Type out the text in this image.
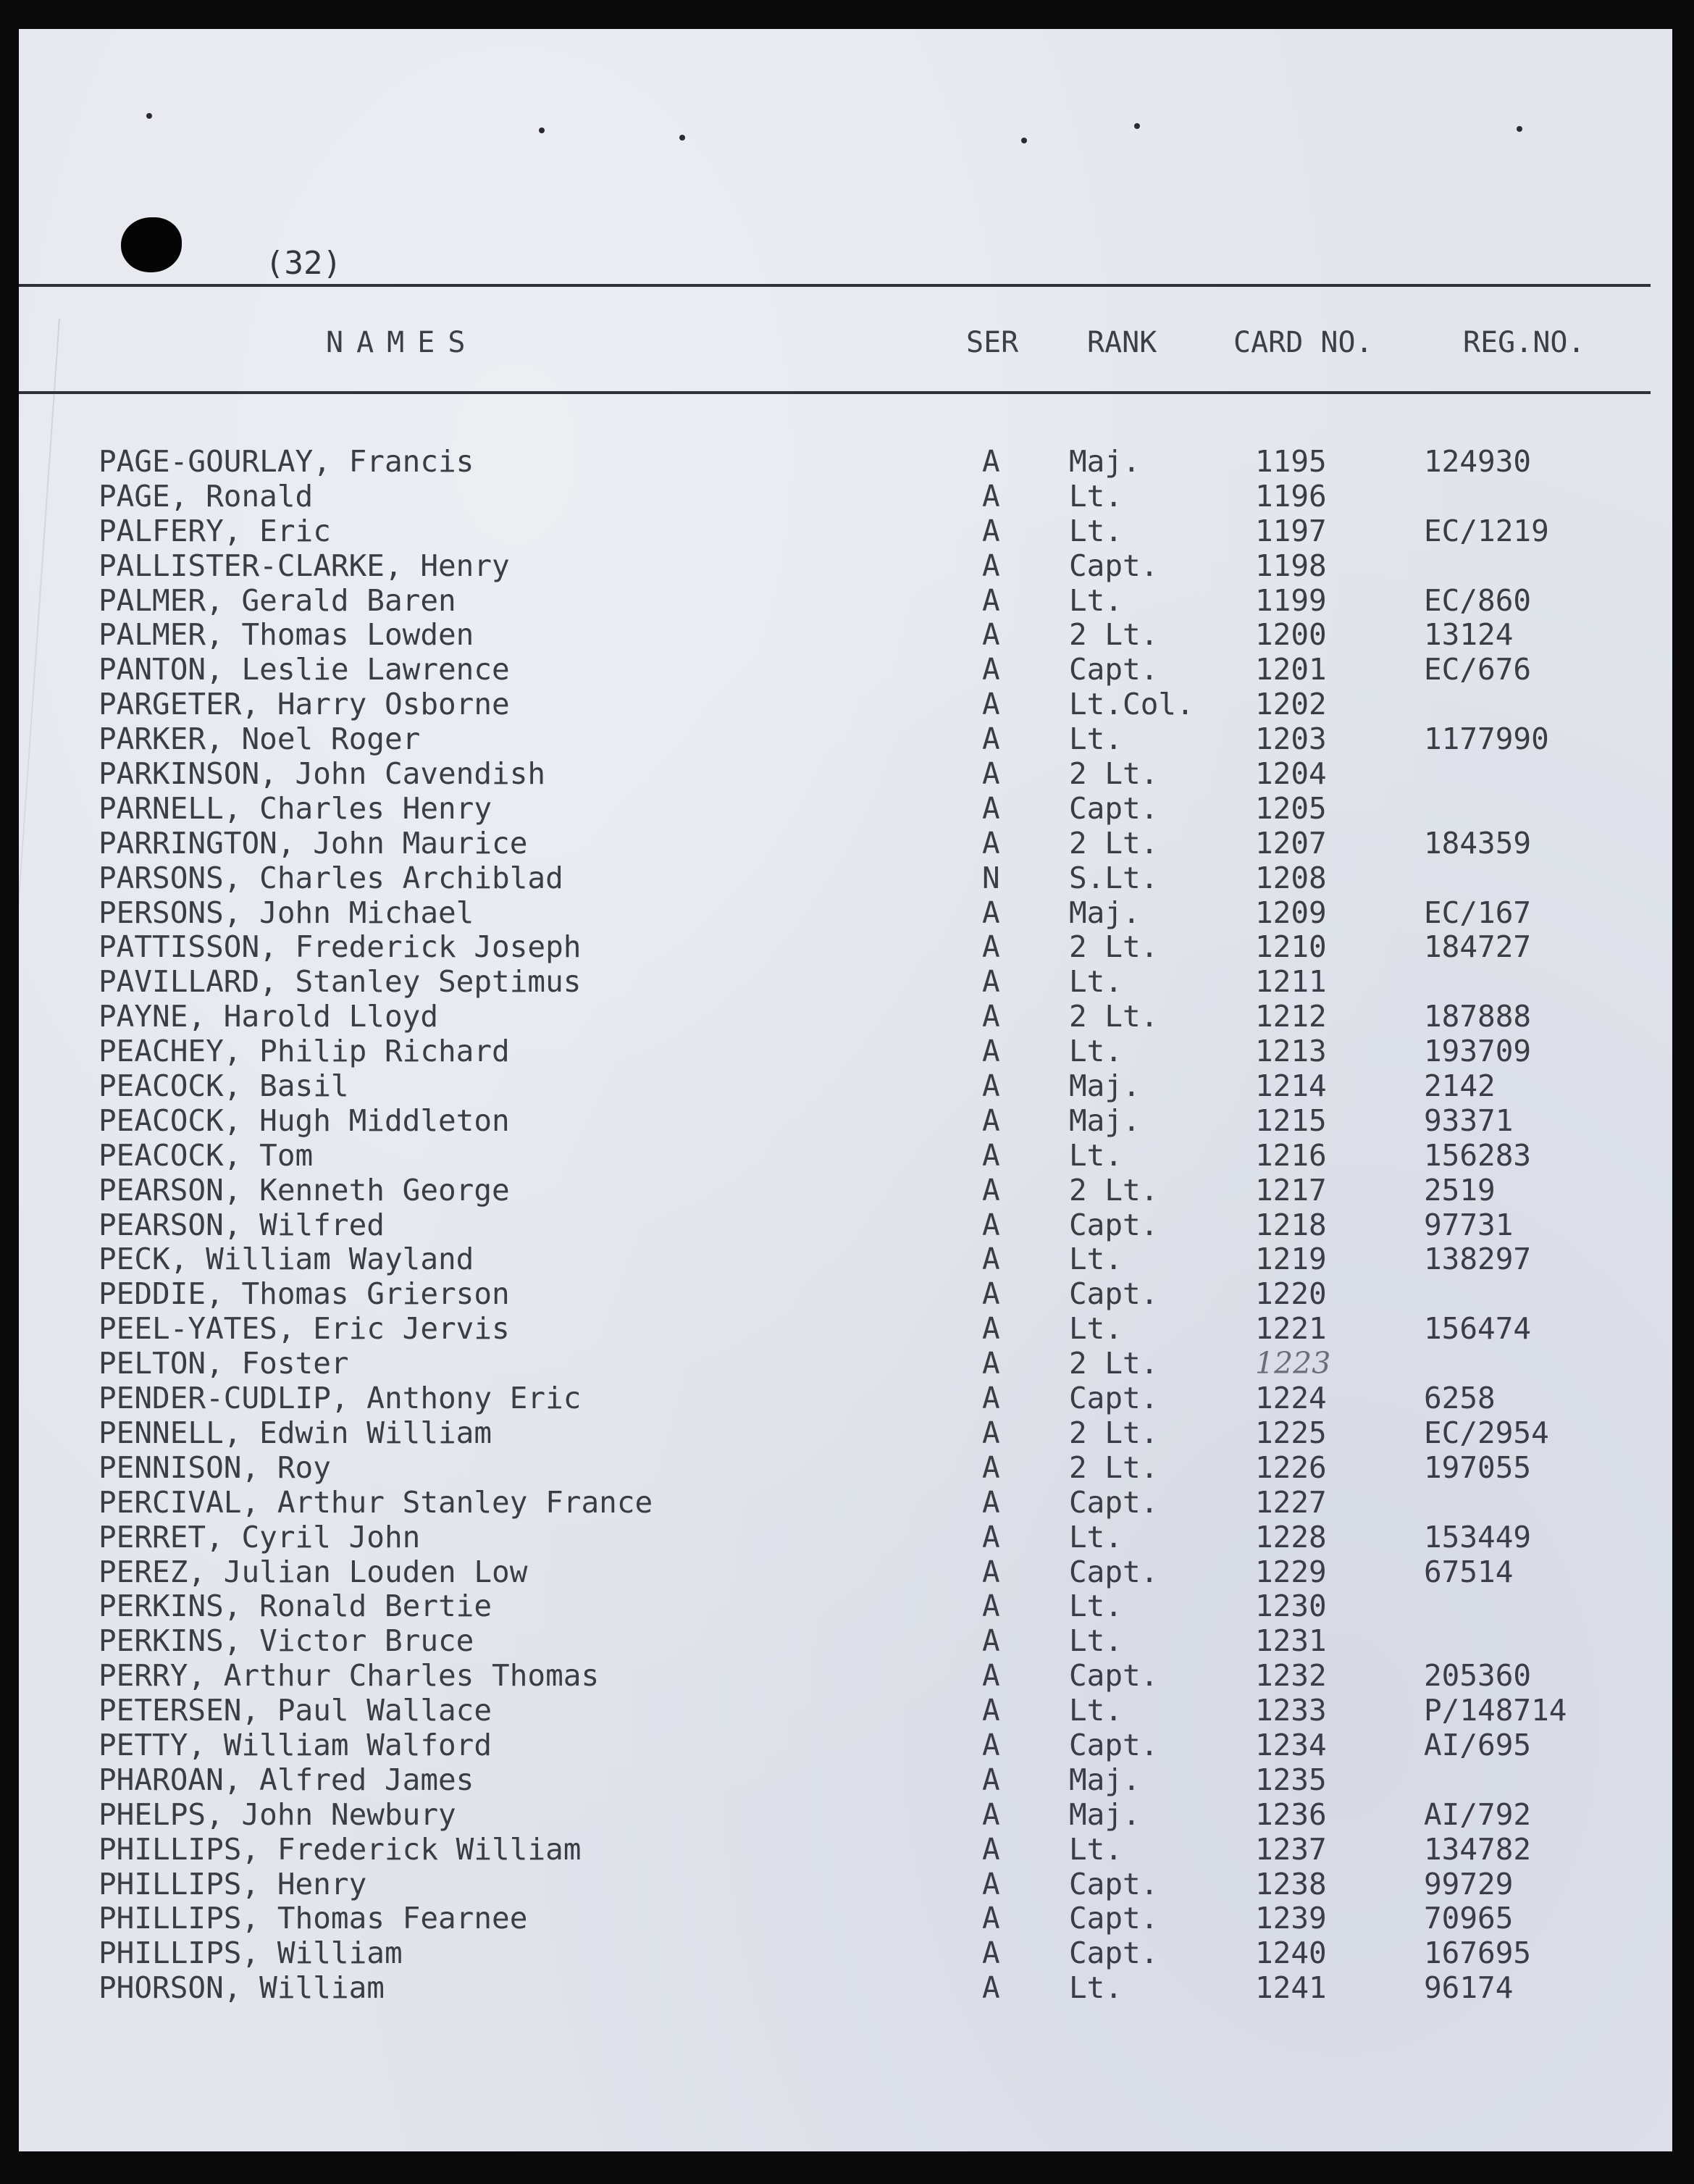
(32)
NAMES	SER RANK	CARD NO.	REG.NO.
PAGE-GOURLAY, Francis	A Maj.	1195	124930
PAGE, Ronald	A Lt.	1196
PALFERY, Eric	A Lt.	1197	EC/1219
PALLISTER-CLARKE, Henry	A Capt.	1198
PALMER, Gerald Baren	A Lt.	1199	EC/860
PALMER, Thomas Lowden	A 2 Lt.	1200	13124
PANTON, Leslie Lawrence	A Capt.	1201	EC/676
PARGETER, Harry Osborne	A Lt.Col. 1202
PARKER, Noel Roger	A Lt.	1203	1177990
PARKINSON, John Cavendish	A 2 Lt.	1204
PARNELL, Charles Henry	A Capt.	1205
PARRINGTON, John Maurice	A 2 Lt.	1207	184359
PARSONS, Charles Archiblad	N S.Lt.	1208
PERSONS, John Michael	A Maj.	1209	EC/167
PATTISSON, Frederick Joseph	A 2 Lt.	1210	184727
PAVILLARD, Stanley Septimus	A Lt.	1211
PAYNE, Harold Lloyd	A 2 Lt.	1212	187888
PEACHEY, Philip Richard	A Lt.	1213	193709
PEACOCK, Basil	A Maj.	1214	2142
PEACOCK, Hugh Middleton	A Maj.	1215	93371
PEACOCK, Tom	A Lt.	1216	156283
PEARSON, Kenneth George	A 2 Lt.	1217	2519
PEARSON, Wilfred	A Capt.	1218	97731
PECK, William Wayland	A Lt.	1219	138297
PEDDIE, Thomas Grierson	A Capt.	1220
PEEL-YATES, Eric Jervis	A Lt.	1221	156474
PELTON, Foster	A 2 Lt.	1223
PENDER-CUDLIP, Anthony Eric	A Capt.	1224	6258
PENNELL, Edwin William	A 2 Lt.	1225	EC/2954
PENNISON, Roy	A 2 Lt.	1226	197055
PERCIVAL, Arthur Stanley France	A Capt.	1227
PERRET, Cyril John	A Lt.	1228	153449
PEREZ, Julian Louden Low	A Capt.	1229	67514
PERKINS, Ronald Bertie	A Lt.	1230
PERKINS, Victor Bruce	A Lt.	1231
PERRY, Arthur Charles Thomas	A Capt.	1232	205360
PETERSEN, Paul Wallace	A Lt.	1233	P/148714
PETTY, William Walford	A Capt.	1234	AI/695
PHAROAN, Alfred James	A Maj.	1235
PHELPS, John Newbury	A Maj.	1236	AI/792
PHILLIPS, Frederick William	A Lt.	1237	134782
PHILLIPS, Henry	A Capt.	1238	99729
PHILLIPS, Thomas Fearnee	A Capt.	1239	70965
PHILLIPS, William	A Capt.	1240	167695
PHORSON, William	A Lt.	1241	96174
